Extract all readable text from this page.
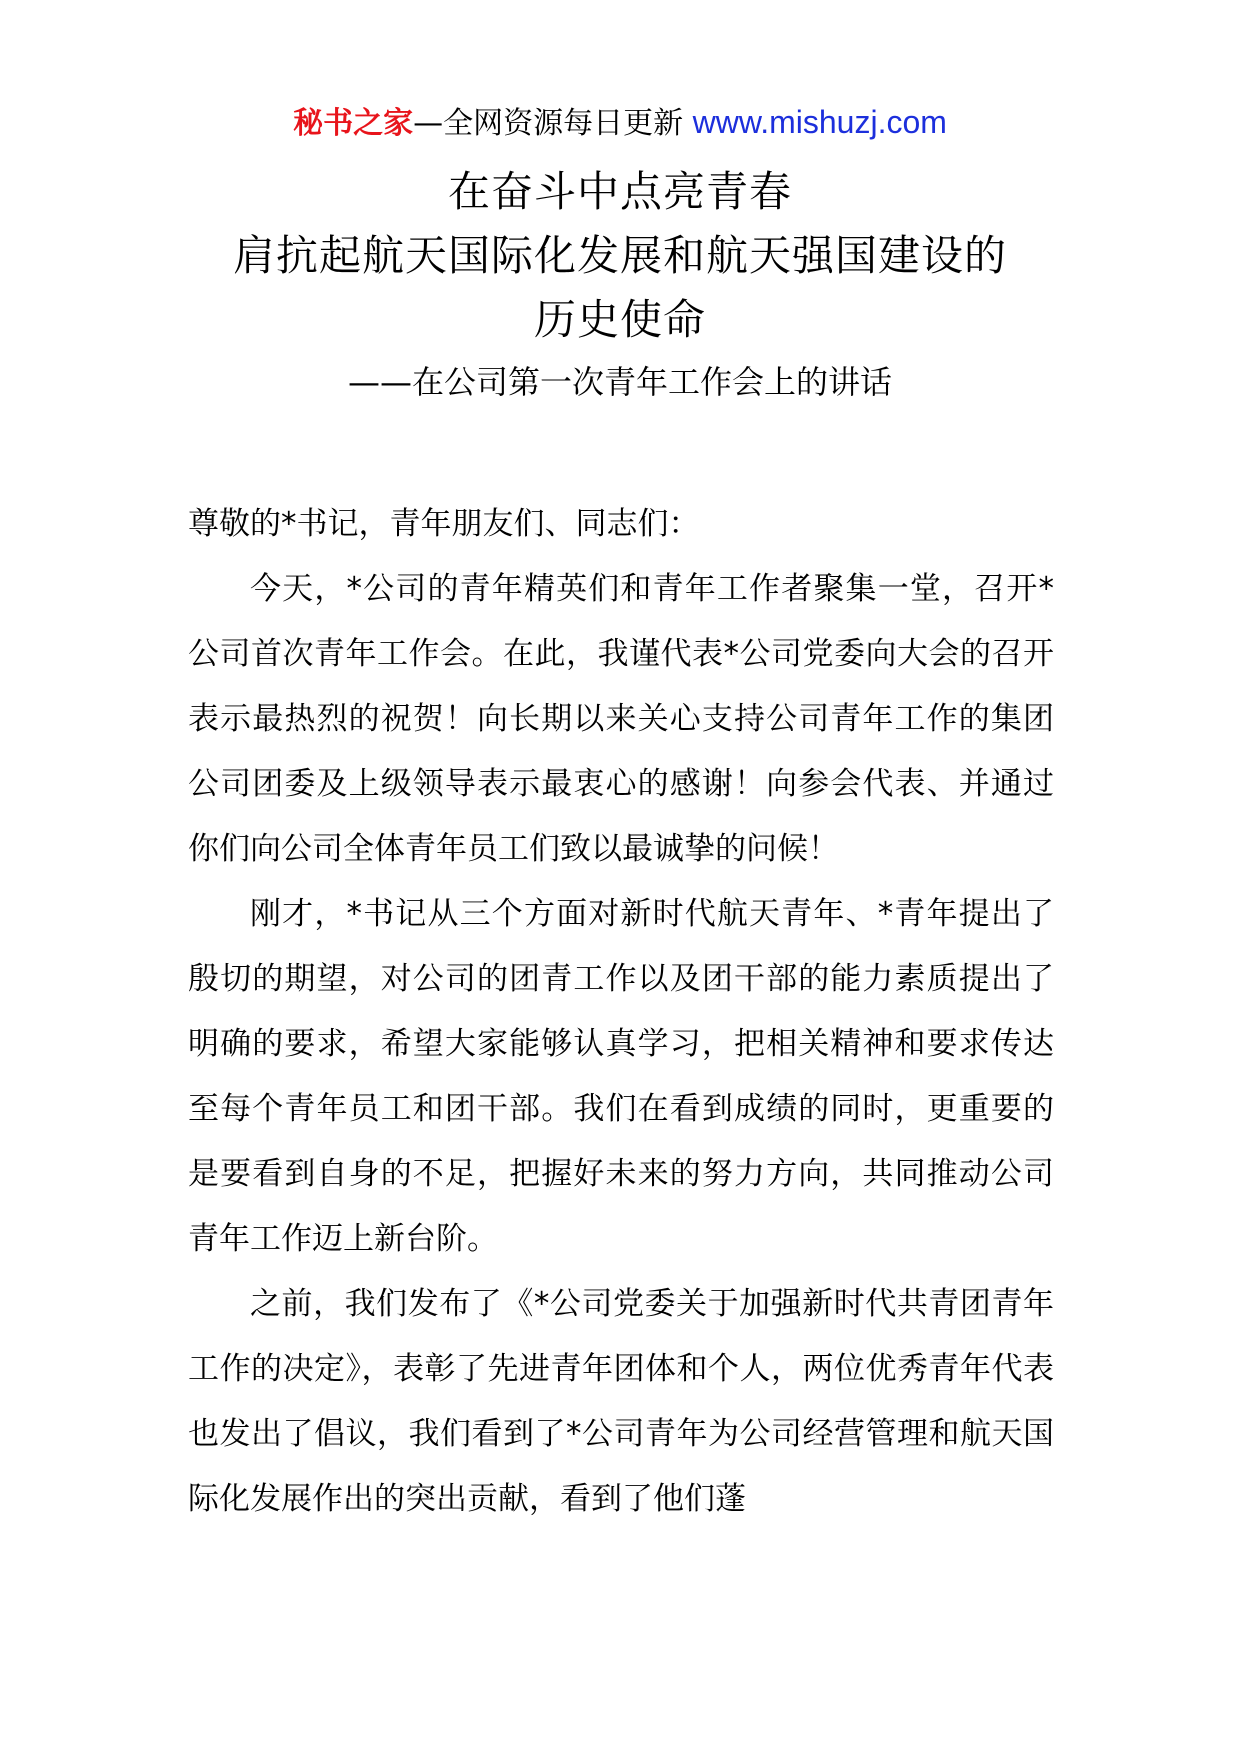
秘书之家—全网资源每日更新 www.mishuzj.com
在奋斗中点亮青春
肩抗起航天国际化发展和航天强国建设的
历史使命
——在公司第一次青年工作会上的讲话

尊敬的*书记，青年朋友们、同志们：

今天，*公司的青年精英们和青年工作者聚集一堂，召开*公司首次青年工作会。在此，我谨代表*公司党委向大会的召开表示最热烈的祝贺！向长期以来关心支持公司青年工作的集团公司团委及上级领导表示最衷心的感谢！向参会代表、并通过你们向公司全体青年员工们致以最诚挚的问候！

刚才，*书记从三个方面对新时代航天青年、*青年提出了殷切的期望，对公司的团青工作以及团干部的能力素质提出了明确的要求，希望大家能够认真学习，把相关精神和要求传达至每个青年员工和团干部。我们在看到成绩的同时，更重要的是要看到自身的不足，把握好未来的努力方向，共同推动公司青年工作迈上新台阶。

之前，我们发布了《*公司党委关于加强新时代共青团青年工作的决定》，表彰了先进青年团体和个人，两位优秀青年代表也发出了倡议，我们看到了*公司青年为公司经营管理和航天国际化发展作出的突出贡献，看到了他们蓬
